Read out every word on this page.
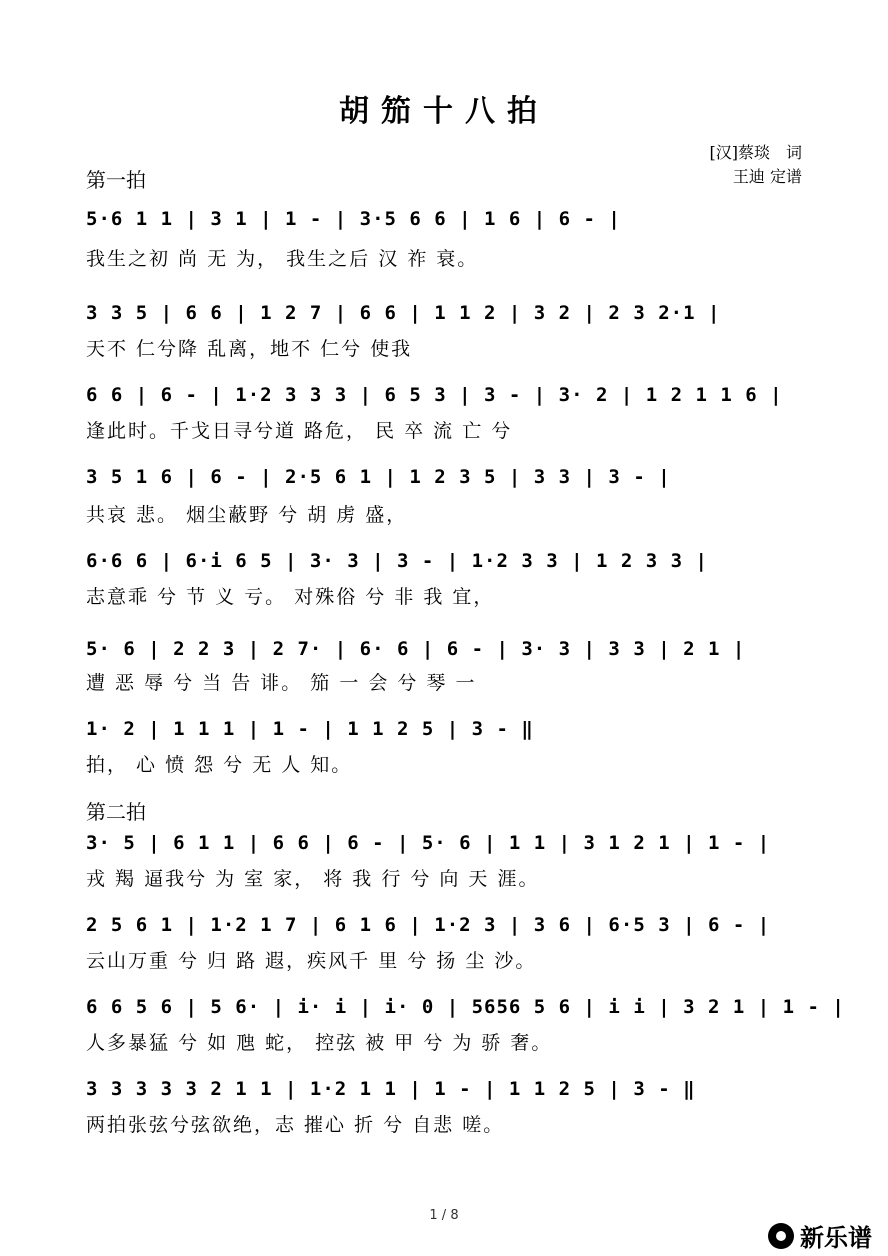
胡笳十八拍
[汉]蔡琰　词
王迪 定谱
第一拍
5·6 1 1 | 3 1 | 1 - | 3·5 6 6 | 1 6 | 6 - |
我生之初 尚 无 为， 我生之后 汉 祚 衰。
3 3 5 | 6 6 | 1 2 7 | 6 6 | 1 1 2 | 3 2 | 2 3 2·1 |
天不 仁兮降 乱离，地不 仁兮 使我
6 6 | 6 - | 1·2 3 3 3 | 6 5 3 | 3 - | 3· 2 | 1 2 1 1 6 |
逢此时。千戈日寻兮道 路危， 民 卒 流 亡 兮
3 5 1 6 | 6 - | 2·5 6 1 | 1 2 3 5 | 3 3 | 3 - |
共哀 悲。 烟尘蔽野 兮 胡 虏 盛，
6·6 6 | 6·i 6 5 | 3· 3 | 3 - | 1·2 3 3 | 1 2 3 3 |
志意乖 兮 节 义 亏。 对殊俗 兮 非 我 宜，
5· 6 | 2 2 3 | 2 7· | 6· 6 | 6 - | 3· 3 | 3 3 | 2 1 |
遭 恶 辱 兮 当 告 诽。 笳 一 会 兮 琴 一
1· 2 | 1 1 1 | 1 - | 1 1 2 5 | 3 - ‖
拍， 心 愤 怨 兮 无 人 知。
第二拍
3· 5 | 6 1 1 | 6 6 | 6 - | 5· 6 | 1 1 | 3 1 2 1 | 1 - |
戎 羯 逼我兮 为 室 家， 将 我 行 兮 向 天 涯。
2 5 6 1 | 1·2 1 7 | 6 1 6 | 1·2 3 | 3 6 | 6·5 3 | 6 - |
云山万重 兮 归 路 遐，疾风千 里 兮 扬 尘 沙。
6 6 5 6 | 5 6· | i· i | i· 0 | 5656 5 6 | i i | 3 2 1 | 1 - |
人多暴猛 兮 如 虺 蛇， 控弦 被 甲 兮 为 骄 奢。
3 3 3 3 3 2 1 1 | 1·2 1 1 | 1 - | 1 1 2 5 | 3 - ‖
两拍张弦兮弦欲绝，志 摧心 折 兮 自悲 嗟。
1 / 8
新乐谱
